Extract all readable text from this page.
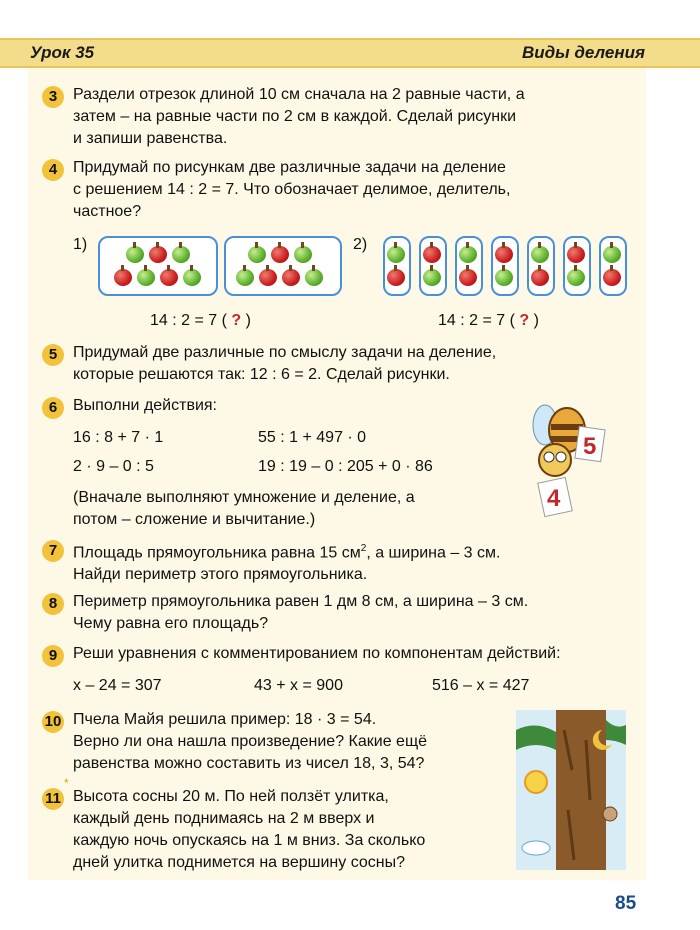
Урок 35	Виды деления
3 Раздели отрезок длиной 10 см сначала на 2 равные части, а
затем – на равные части по 2 см в каждой. Сделай рисунки
и запиши равенства.
4 Придумай по рисункам две различные задачи на деление
с решением 14 : 2 = 7. Что обозначает делимое, делитель,
частное?
1)	2)
14 : 2 = 7 ( ? )	14 : 2 = 7 ( ? )
5 Придумай две различные по смыслу задачи на деление,
которые решаются так: 12 : 6 = 2. Сделай рисунки.
6 Выполни действия:
16 : 8 + 7 · 1	55 : 1 + 497 · 0
2 · 9 – 0 : 5	19 : 19 – 0 : 205 + 0 · 86
(Вначале выполняют умножение и деление, а
потом – сложение и вычитание.)
5
4
7 Площадь прямоугольника равна 15 $см^2$, а ширина – 3 см.
Найди периметр этого прямоугольника.
8 Периметр прямоугольника равен 1 дм 8 см, а ширина – 3 см.
Чему равна его площадь?
9 Реши уравнения с комментированием по компонентам действий:
x – 24 = 307	43 + x = 900	516 – x = 427
10 Пчела Майя решила пример: 18 · 3 = 54.
Верно ли она нашла произведение? Какие ещё
равенства можно составить из чисел 18, 3, 54?
*
11 Высота сосны 20 м. По ней ползёт улитка,
каждый день поднимаясь на 2 м вверх и
каждую ночь опускаясь на 1 м вниз. За сколько
дней улитка поднимется на вершину сосны?
85
